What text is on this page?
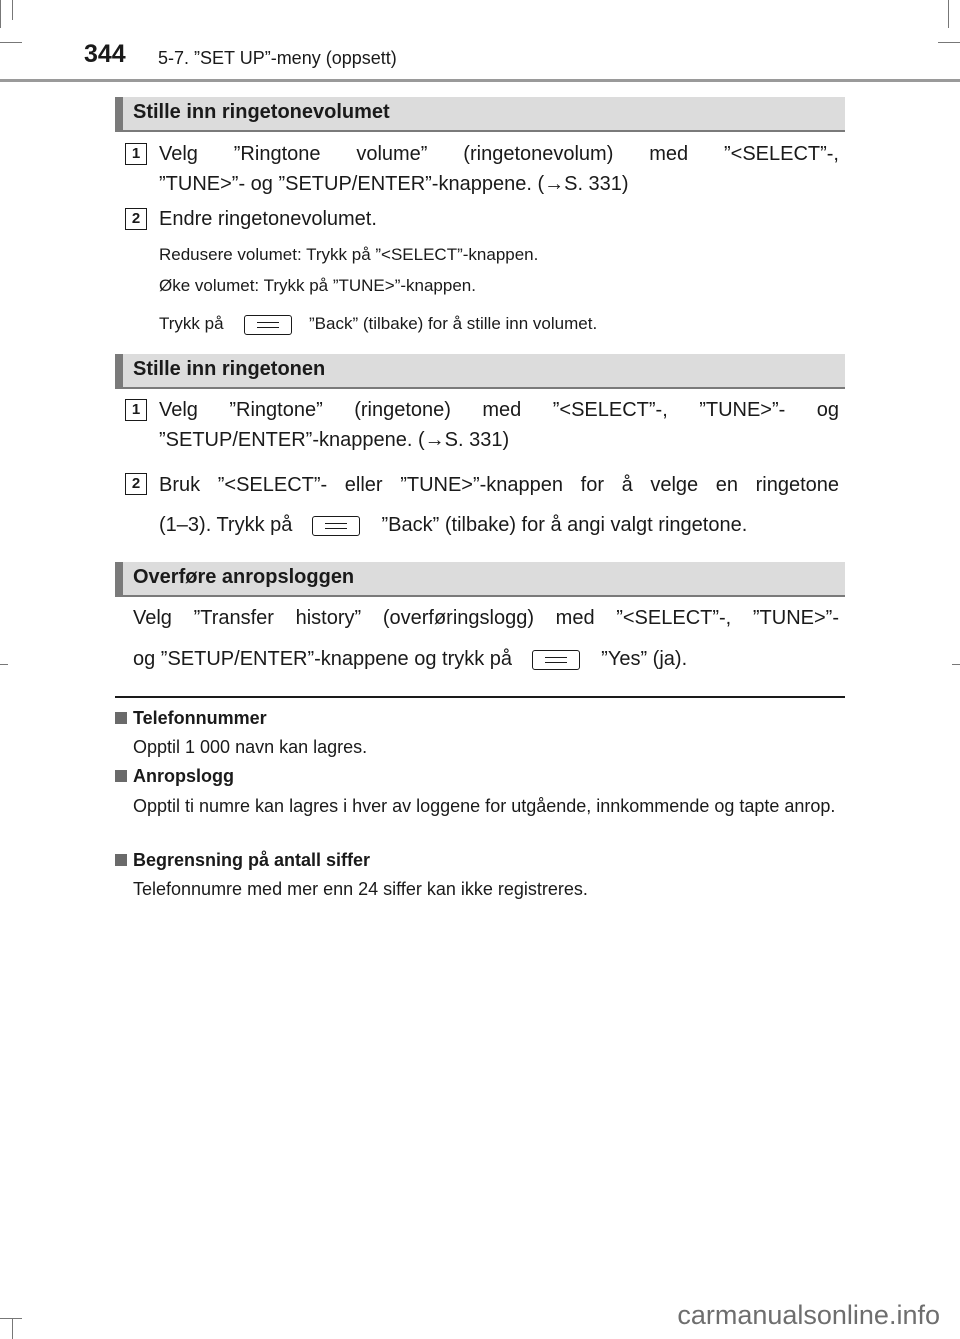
344 5-7. ”SET UP”-meny (oppsett)
Stille inn ringetonevolumet
1 Velg ”Ringtone volume” (ringetonevolum) med ”<SELECT”-,
”TUNE>”- og ”SETUP/ENTER”-knappene. (→S. 331)
2 Endre ringetonevolumet.
Redusere volumet: Trykk på ”<SELECT”-knappen.
Øke volumet: Trykk på ”TUNE>”-knappen.
Trykk på	”Back” (tilbake) for å stille inn volumet.
Stille inn ringetonen
1 Velg ”Ringtone” (ringetone) med ”<SELECT”-, ”TUNE>”- og
”SETUP/ENTER”-knappene. (→S. 331)
2 Bruk ”<SELECT”- eller ”TUNE>”-knappen for å velge en ringetone
(1–3). Trykk på	”Back” (tilbake) for å angi valgt ringetone.
Overføre anropsloggen
Velg ”Transfer history” (overføringslogg) med ”<SELECT”-, ”TUNE>”-
og ”SETUP/ENTER”-knappene og trykk på	”Yes” (ja).
Telefonnummer
Opptil 1 000 navn kan lagres.
Anropslogg
Opptil ti numre kan lagres i hver av loggene for utgående, innkommende og tapte anrop.
Begrensning på antall siffer
Telefonnumre med mer enn 24 siffer kan ikke registreres.
carmanualsonline.info
